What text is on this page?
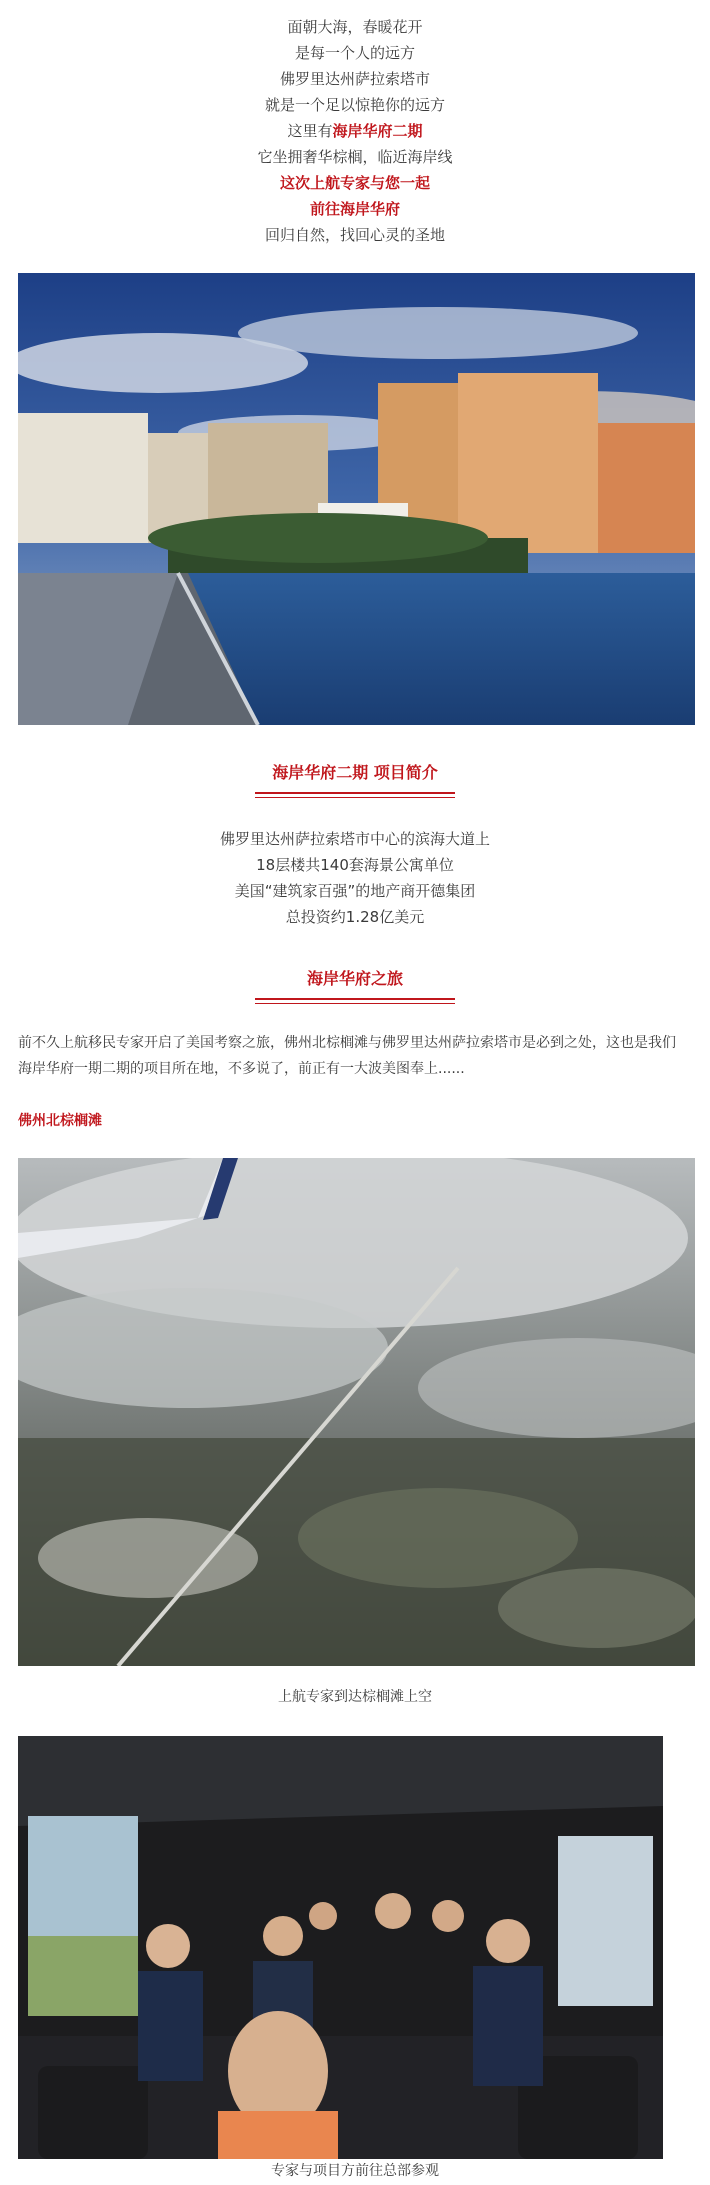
面朝大海，春暖花开
是每一个人的远方
佛罗里达州萨拉索塔市
就是一个足以惊艳你的远方
这里有海岸华府二期
它坐拥奢华棕榈，临近海岸线
这次上航专家与您一起
前往海岸华府
回归自然，找回心灵的圣地
海岸华府二期 项目简介
佛罗里达州萨拉索塔市中心的滨海大道上
18层楼共140套海景公寓单位
美国“建筑家百强”的地产商开德集团
总投资约1.28亿美元
海岸华府之旅
前不久上航移民专家开启了美国考察之旅，佛州北棕榈滩与佛罗里达州萨拉索塔市是必到之处，这也是我们海岸华府一期二期的项目所在地，不多说了，前正有一大波美图奉上......
佛州北棕榈滩
上航专家到达棕榈滩上空
专家与项目方前往总部参观
